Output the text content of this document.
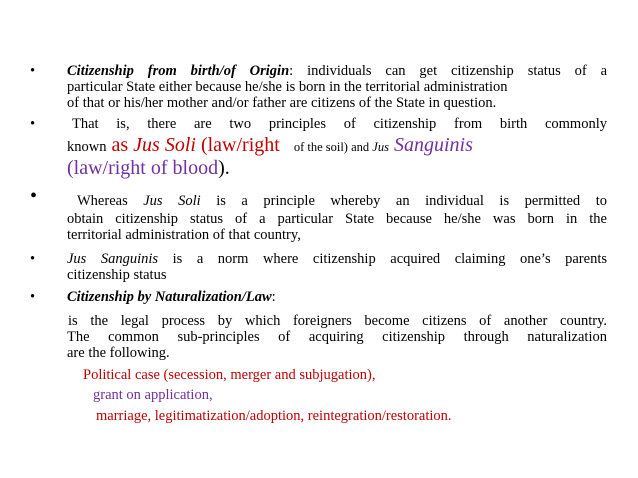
• Citizenship from birth/of Origin: individuals can get citizenship status of a
particular State either because he/she is born in the territorial administration
of that or his/her mother and/or father are citizens of the State in question.
•	That is, there are two principles of citizenship from birth commonly
known as Jus Soli (law/right    of the soil) and Jus Sanguinis
(law/right of blood).
•	Whereas Jus Soli is a principle whereby an individual is permitted to
obtain citizenship status of a particular State because he/she was born in the
territorial administration of that country,
• Jus Sanguinis is a norm where citizenship acquired claiming one’s parents
citizenship status
• Citizenship by Naturalization/Law:
is the legal process by which foreigners become citizens of another country.
The common sub-principles of acquiring citizenship through naturalization
are the following.
Political case (secession, merger and subjugation),
grant on application,
marriage, legitimatization/adoption, reintegration/restoration.
